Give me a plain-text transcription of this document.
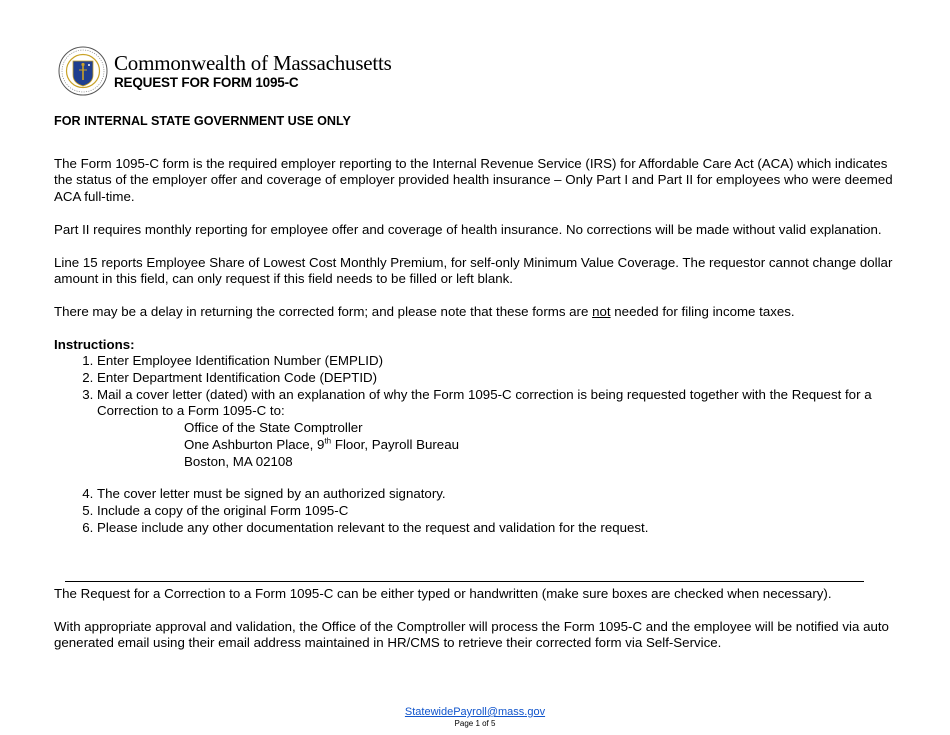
Commonwealth of Massachusetts
REQUEST FOR FORM 1095-C

FOR INTERNAL STATE GOVERNMENT USE ONLY

The Form 1095-C form is the required employer reporting to the Internal Revenue Service (IRS) for Affordable Care Act (ACA) which indicates the status of the employer offer and coverage of employer provided health insurance – Only Part I and Part II for employees who were deemed ACA full-time.

Part II requires monthly reporting for employee offer and coverage of health insurance. No corrections will be made without valid explanation.

Line 15 reports Employee Share of Lowest Cost Monthly Premium, for self-only Minimum Value Coverage. The requestor cannot change dollar amount in this field, can only request if this field needs to be filled or left blank.

There may be a delay in returning the corrected form; and please note that these forms are not needed for filing income taxes.

Instructions:

1. Enter Employee Identification Number (EMPLID)
2. Enter Department Identification Code (DEPTID)
3. Mail a cover letter (dated) with an explanation of why the Form 1095-C correction is being requested together with the Request for a Correction to a Form 1095-C to:
Office of the State Comptroller
One Ashburton Place, 9th Floor, Payroll Bureau
Boston, MA 02108
4. The cover letter must be signed by an authorized signatory.
5. Include a copy of the original Form 1095-C
6. Please include any other documentation relevant to the request and validation for the request.

The Request for a Correction to a Form 1095-C can be either typed or handwritten (make sure boxes are checked when necessary).

With appropriate approval and validation, the Office of the Comptroller will process the Form 1095-C and the employee will be notified via auto generated email using their email address maintained in HR/CMS to retrieve their corrected form via Self-Service.

StatewidePayroll@mass.gov
Page 1 of 5
